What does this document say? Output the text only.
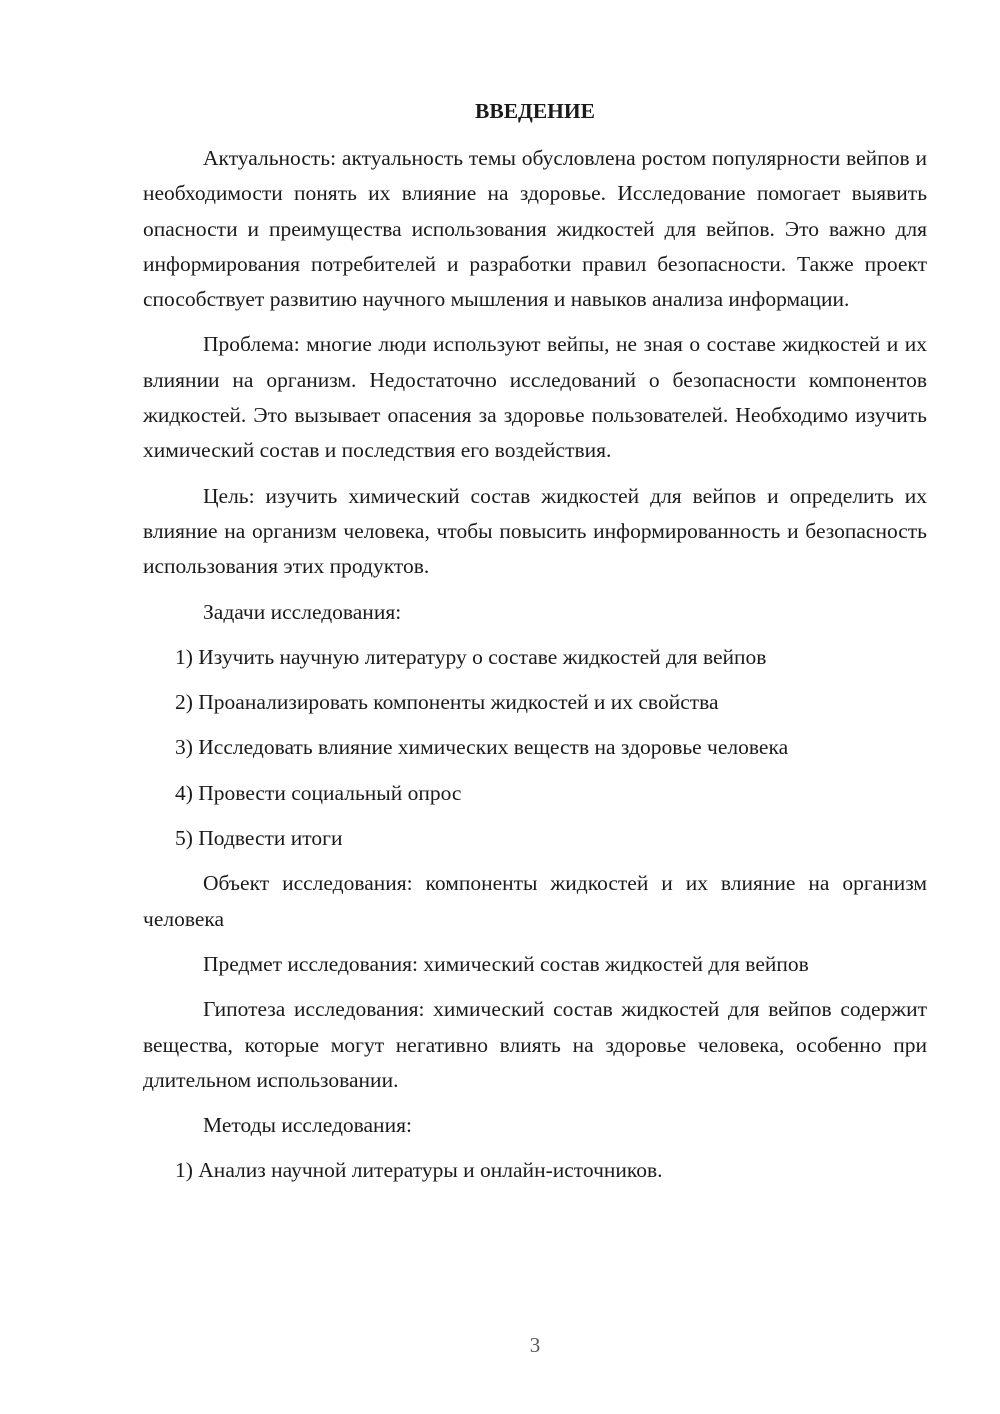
ВВЕДЕНИЕ

Актуальность: актуальность темы обусловлена ростом популярности вейпов и необходимости понять их влияние на здоровье. Исследование помогает выявить опасности и преимущества использования жидкостей для вейпов. Это важно для информирования потребителей и разработки правил безопасности. Также проект способствует развитию научного мышления и навыков анализа информации.

Проблема: многие люди используют вейпы, не зная о составе жидкостей и их влиянии на организм. Недостаточно исследований о безопасности компонентов жидкостей. Это вызывает опасения за здоровье пользователей. Необходимо изучить химический состав и последствия его воздействия.

Цель: изучить химический состав жидкостей для вейпов и определить их влияние на организм человека, чтобы повысить информированность и безопасность использования этих продуктов.

Задачи исследования:

1) Изучить научную литературу о составе жидкостей для вейпов

2) Проанализировать компоненты жидкостей и их свойства

3) Исследовать влияние химических веществ на здоровье человека

4) Провести социальный опрос

5) Подвести итоги

Объект исследования: компоненты жидкостей и их влияние на организм человека

Предмет исследования: химический состав жидкостей для вейпов

Гипотеза исследования: химический состав жидкостей для вейпов содержит вещества, которые могут негативно влиять на здоровье человека, особенно при длительном использовании.

Методы исследования:

1) Анализ научной литературы и онлайн-источников.

3
